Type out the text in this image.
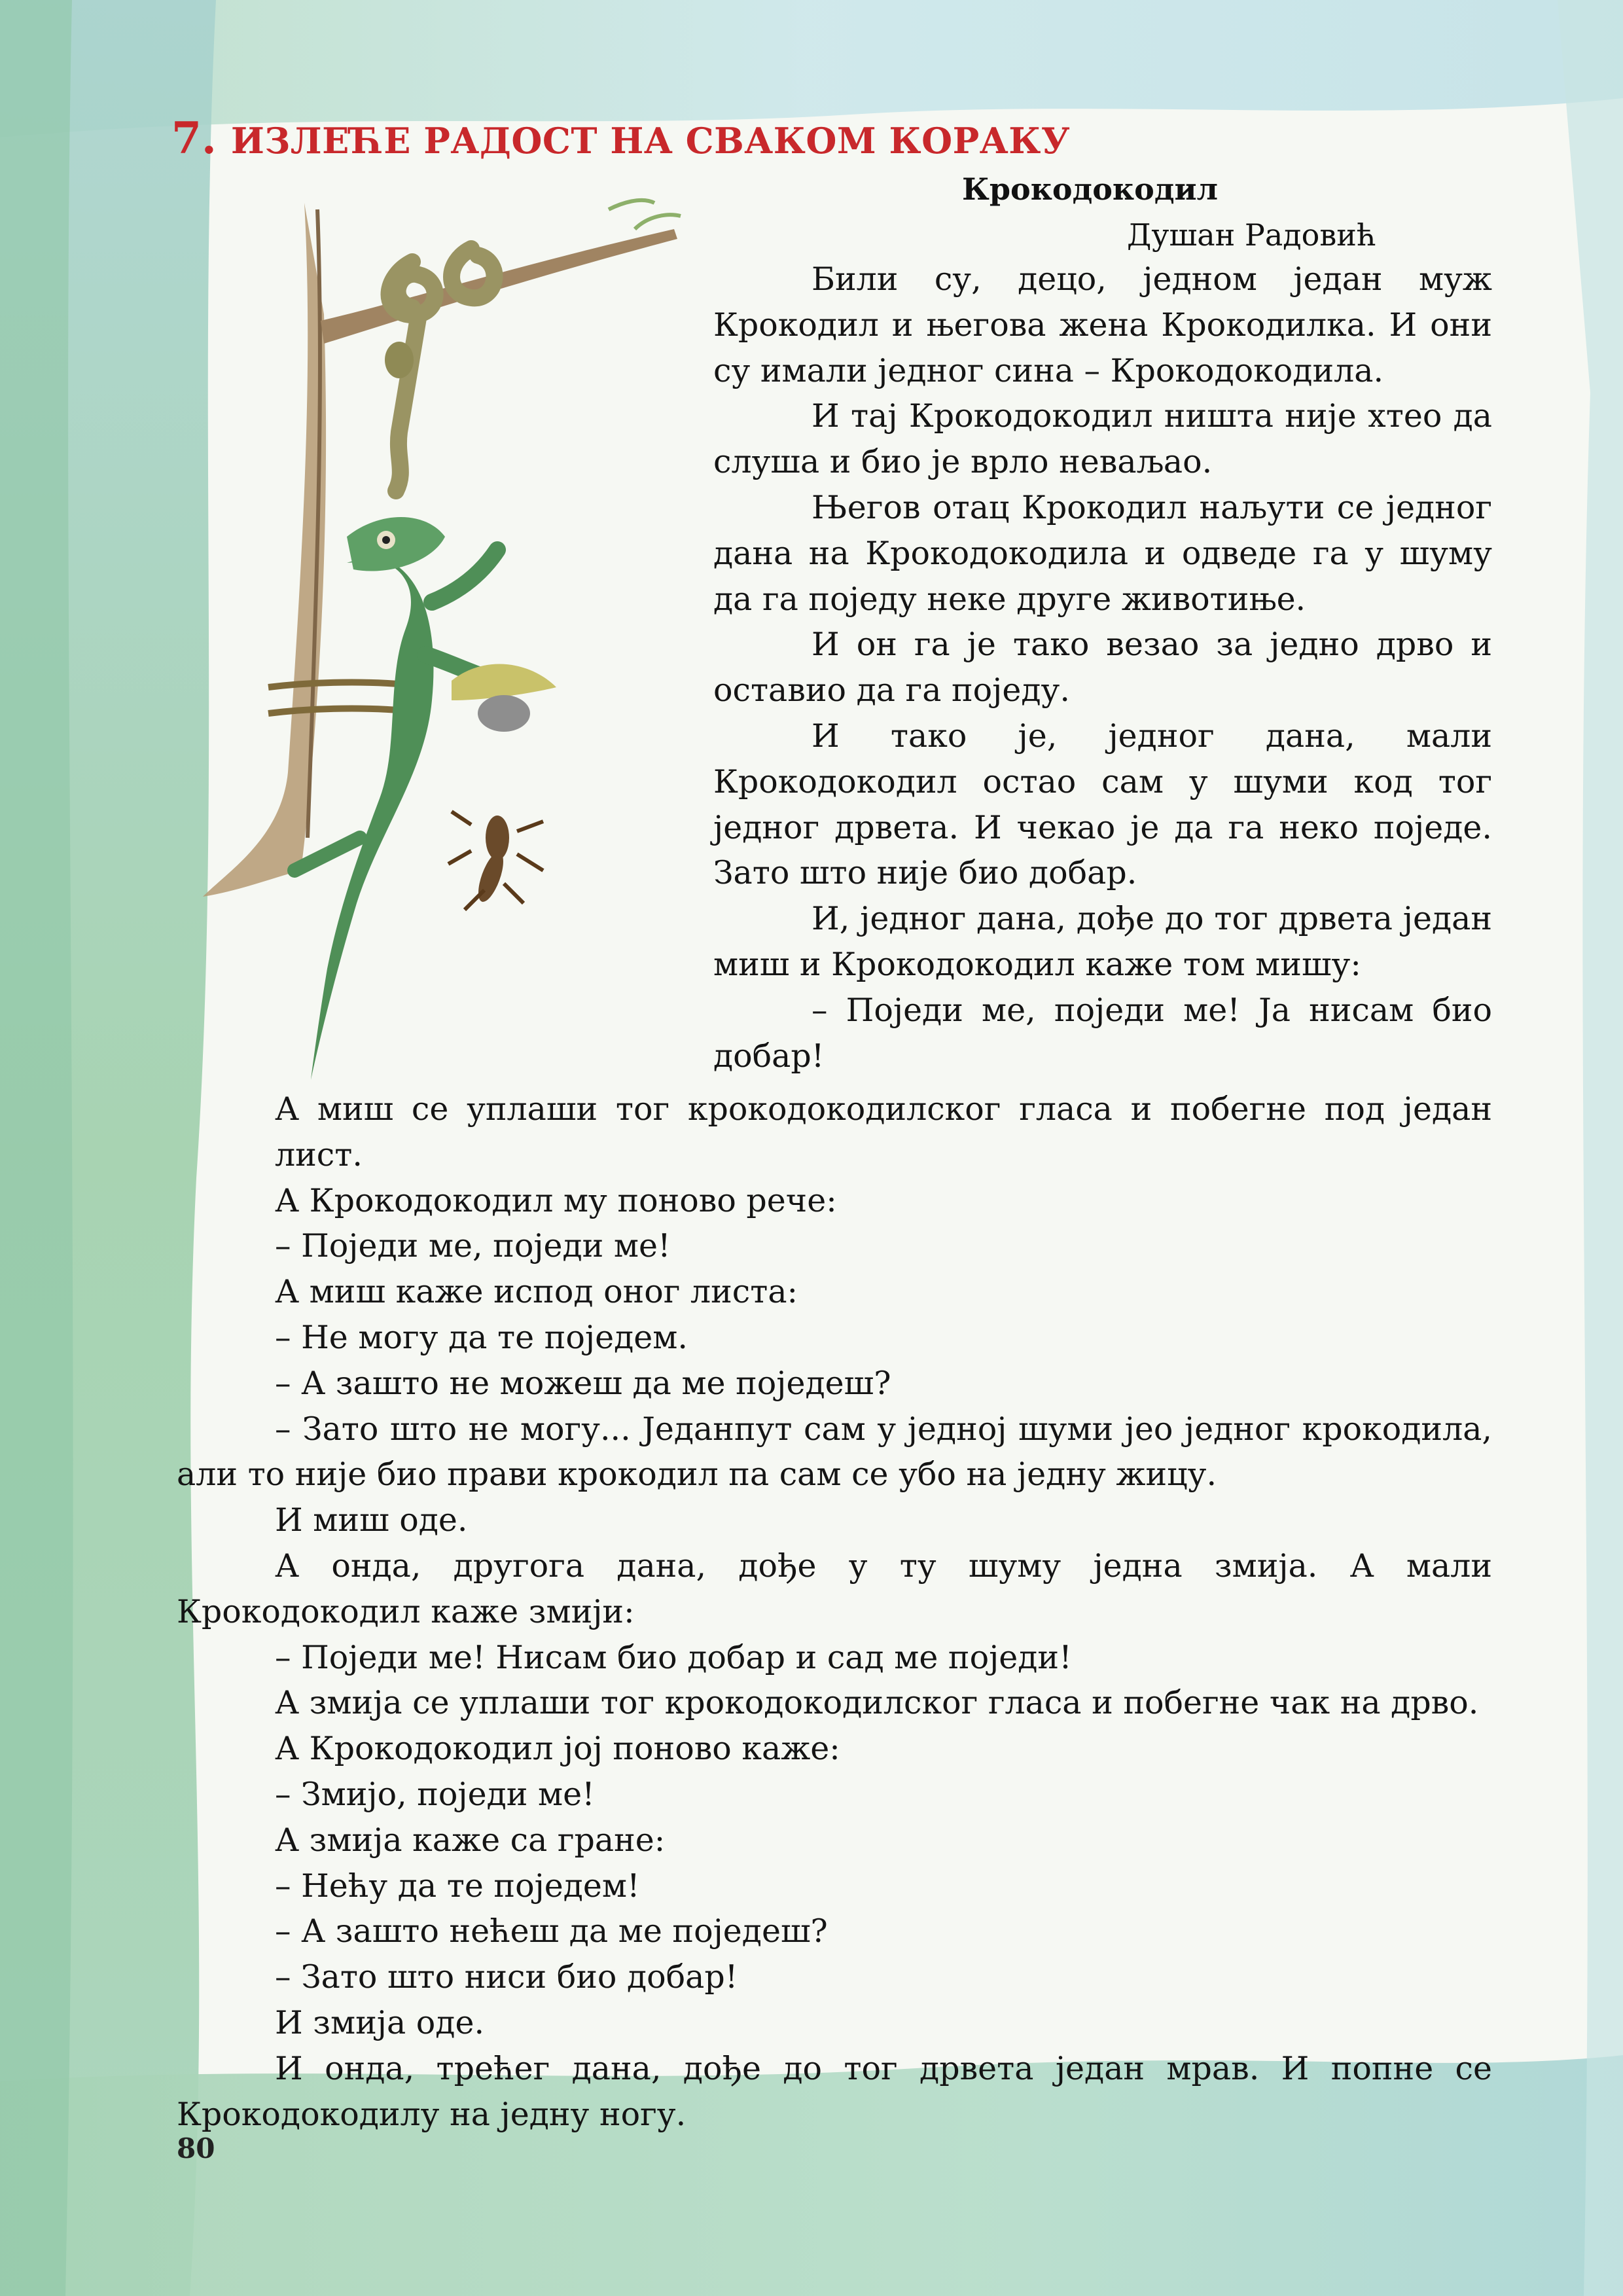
7. ИЗЛЕЋЕ РАДОСТ НА СВАКОМ КОРАКУ
Крокодокодил
Душан Радовић

Били су, децо, једном један муж Крокодил и његова жена Крокодилка. И они су имали једног сина – Крокодокодила.

И тај Крокодокодил ништа није хтео да слуша и био је врло неваљао.

Његов отац Крокодил наљути се једног дана на Крокодокодила и одведе га у шуму да га поједу неке друге животиње.

И он га је тако везао за једно дрво и оставио да га поједу.

И тако је, једног дана, мали Крокодокодил остао сам у шуми код тог једног дрвета. И чекао је да га неко поједе. Зато што није био добар.

И, једног дана, дође до тог дрвета један миш и Крокодокодил каже том мишу:

– Поједи ме, поједи ме! Ја нисам био добар!

А миш се уплаши тог крокодокодилског гласа и побегне под један лист.

А Крокодокодил му поново рече:

– Поједи ме, поједи ме!

А миш каже испод оног листа:

– Не могу да те поједем.

– А зашто не можеш да ме поједеш?

– Зато што не могу... Једанпут сам у једној шуми јео једног крокодила, али то није био прави крокодил па сам се убо на једну жицу.

И миш оде.

А онда, другога дана, дође у ту шуму једна змија. А мали Крокодокодил каже змији:

– Поједи ме! Нисам био добар и сад ме поједи!

А змија се уплаши тог крокодокодилског гласа и побегне чак на дрво.

А Крокодокодил јој поново каже:

– Змијо, поједи ме!

А змија каже са гране:

– Нећу да те поједем!

– А зашто нећеш да ме поједеш?

– Зато што ниси био добар!

И змија оде.

И онда, трећег дана, дође до тог дрвета један мрав. И попне се Крокодокодилу на једну ногу.

80
